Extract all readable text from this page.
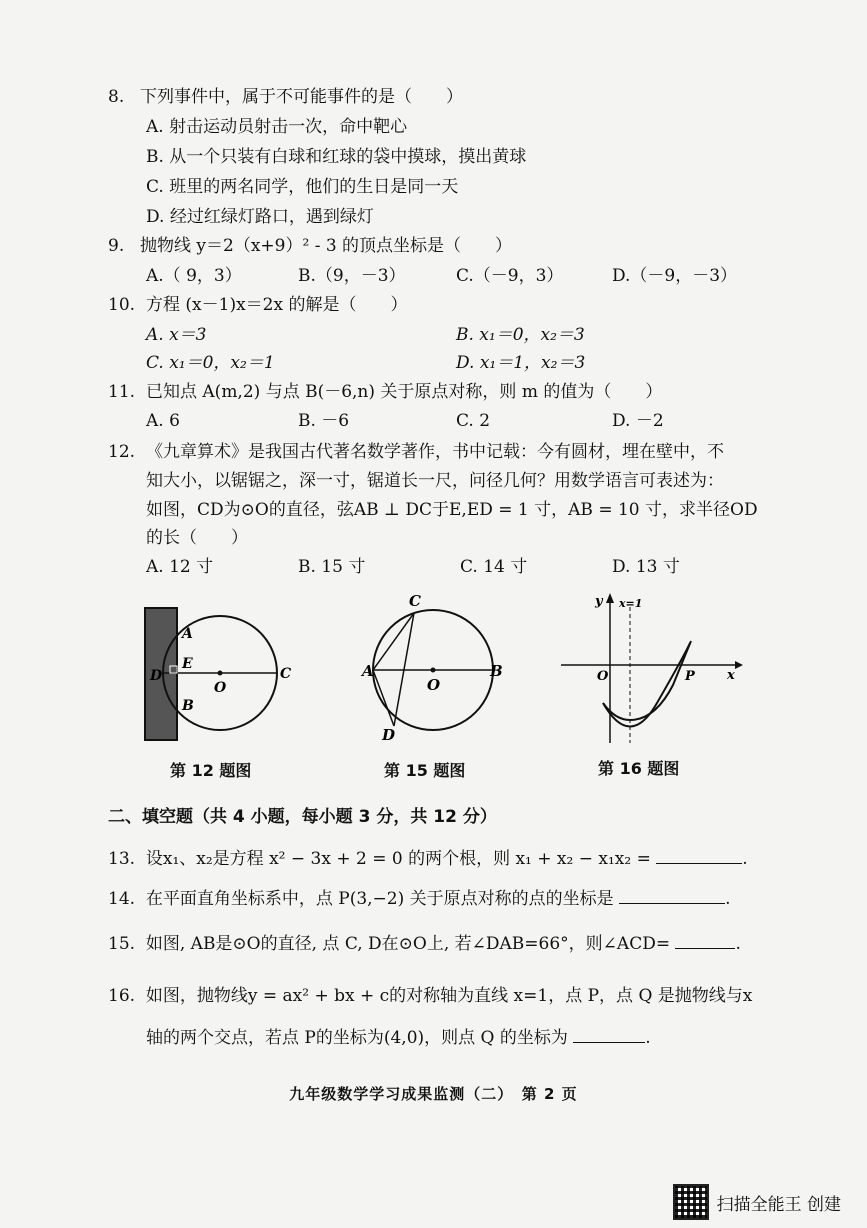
8. 下列事件中，属于不可能事件的是（　　）
A. 射击运动员射击一次，命中靶心
B. 从一个只装有白球和红球的袋中摸球，摸出黄球
C. 班里的两名同学，他们的生日是同一天
D. 经过红绿灯路口，遇到绿灯
9. 抛物线 y＝2（x+9）² - 3 的顶点坐标是（　　）
A.（ 9，3）	B.（9，－3）	C.（－9，3）	D.（－9，－3）
10. 方程 (x－1)x＝2x 的解是（　　）
A. x＝3	B. x₁＝0，x₂＝3
C. x₁＝0，x₂＝1	D. x₁＝1，x₂＝3
11. 已知点 A(m,2) 与点 B(－6,n) 关于原点对称，则 m 的值为（　　）
A. 6	B. －6	C. 2	D. －2
12. 《九章算术》是我国古代著名数学著作，书中记载：今有圆材，埋在壁中，不
知大小，以锯锯之，深一寸，锯道长一尺，问径几何？用数学语言可表述为：
如图，CD为⊙O的直径，弦AB ⊥ DC于E,ED = 1 寸，AB = 10 寸，求半径OD
的长（　　）
A. 12 寸	B. 15 寸	C. 14 寸	D. 13 寸
A
E
D
O
C
B
第 12 题图
C
A
O
B
D
第 15 题图
y x=1
O	P x
第 16 题图
二、填空题（共 4 小题，每小题 3 分，共 12 分）
13. 设x₁、x₂是方程 x² − 3x + 2 = 0 的两个根，则 x₁ + x₂ − x₁x₂ =	.
14. 在平面直角坐标系中，点 P(3,−2) 关于原点对称的点的坐标是	.
15. 如图, AB是⊙O的直径, 点 C, D在⊙O上, 若∠DAB=66°，则∠ACD=	.
16. 如图，抛物线y = ax² + bx + c的对称轴为直线 x=1，点 P，点 Q 是抛物线与x
轴的两个交点，若点 P的坐标为(4,0)，则点 Q 的坐标为	.
九年级数学学习成果监测（二）　第 2 页
扫描全能王 创建
